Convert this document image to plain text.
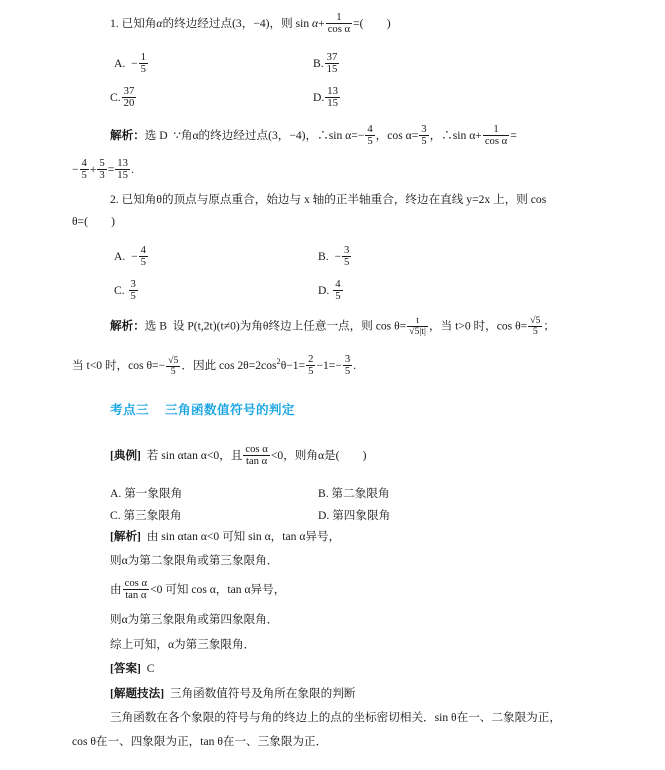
1. 已知角α的终边经过点(3，−4)，则 $\sin \alpha+ \frac{1}{\text{cos α}}$ =(　　)
A. − $\frac{1}{5}$	B. $\frac{37}{15}$
C. $\frac{37}{20}$	D. $\frac{13}{15}$
解析：选 D ∵角α的终边经过点(3，−4)，∴sin $\alpha=- \frac{4}{5}$ ，$\cos \alpha= \frac{3}{5}$ ，∴sin $\alpha+ \frac{1}{\text{cos α}}$ =
− $\frac{4}{5} + \frac{5}{3} = \frac{13}{15}$ .
2. 已知角θ的顶点与原点重合，始边与 x 轴的正半轴重合，终边在直线 y=2x 上，则 cos
θ=(　　)
A. − $\frac{4}{5}$	B. − $\frac{3}{5}$
C. $\frac{3}{5}$	D. $\frac{4}{5}$
解析：选 B 设 P(t,2t)(t≠0)为角θ终边上任意一点，则 $\cos \theta= \frac{t}{√5|t|}$ ，当 t>0 时，$\cos \theta= \frac{√5}{5}$ ；
当 t<0 时，$\cos \theta=- \frac{√5}{5}$ ．因此 $\cos 2\theta=2\cos^2\theta-1= \frac{2}{5} -1=- \frac{3}{5}$ .
考点三 三角函数值符号的判定
[典例] 若 sin αtan α<0，且 $\frac{\text{cos α}}{\text{tan α}} <0$，则角α是(　　)
A. 第一象限角	B. 第二象限角
C. 第三象限角	D. 第四象限角
[解析] 由 sin αtan α<0 可知 sin α，tan α异号，
则α为第二象限角或第三象限角．
由 $\frac{\text{cos α}}{\text{tan α}} <0$ 可知 cos α，tan α异号，
则α为第三象限角或第四象限角．
综上可知，α为第三象限角．
[答案] C
[解题技法] 三角函数值符号及角所在象限的判断
三角函数在各个象限的符号与角的终边上的点的坐标密切相关．sin θ在一、二象限为正，
cos θ在一、四象限为正，tan θ在一、三象限为正．
